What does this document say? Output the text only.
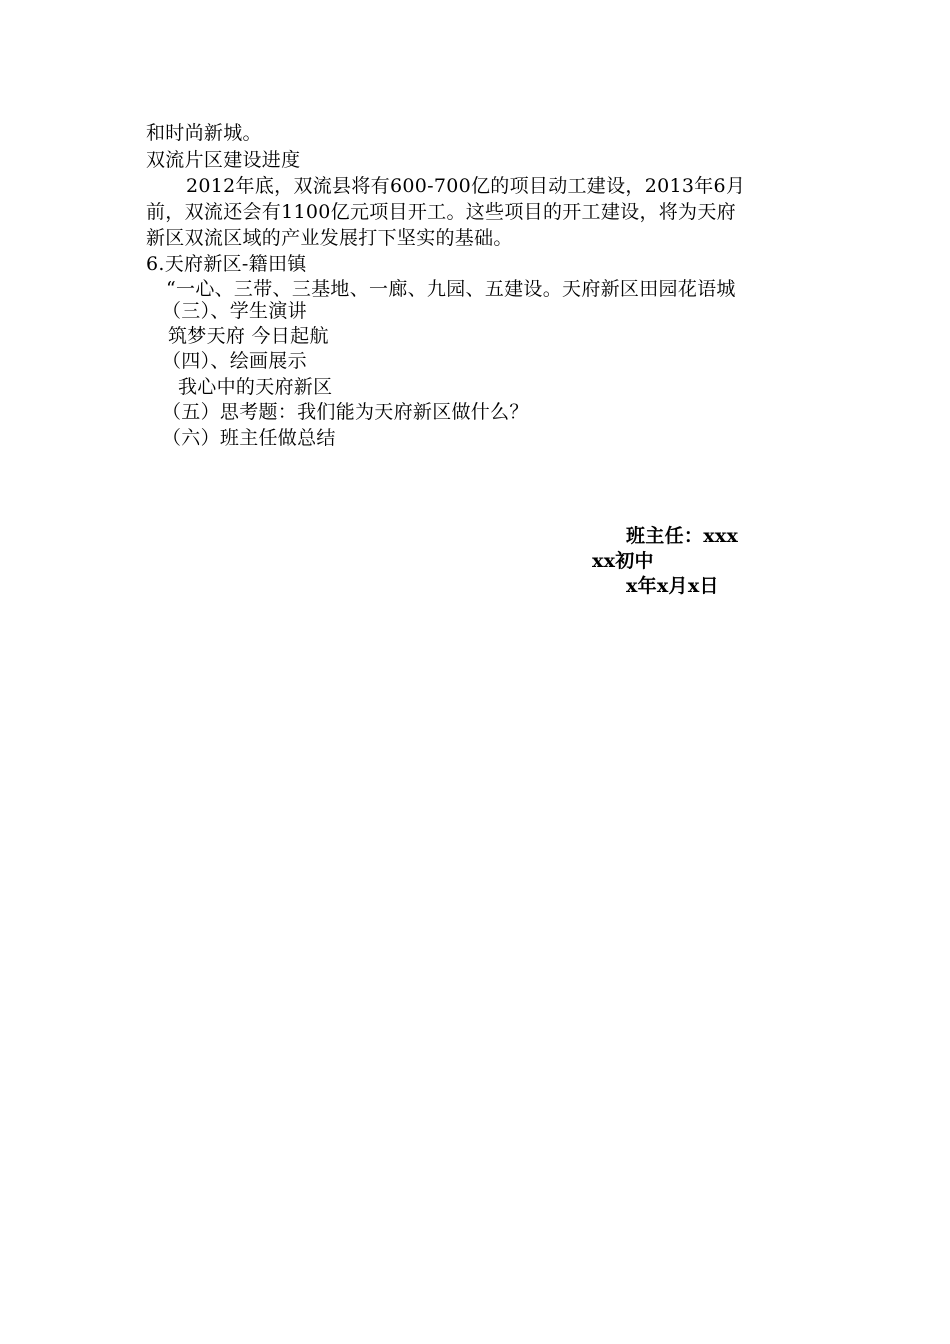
和时尚新城。
双流片区建设进度
2012年底，双流县将有600-700亿的项目动工建设，2013年6月
前，双流还会有1100亿元项目开工。这些项目的开工建设，将为天府
新区双流区域的产业发展打下坚实的基础。
6.天府新区-籍田镇
“一心、三带、三基地、一廊、九园、五建设。天府新区田园花语城
（三）、学生演讲
筑梦天府 今日起航
（四）、绘画展示
我心中的天府新区
（五）思考题：我们能为天府新区做什么？
（六）班主任做总结
班主任：xxx
xx初中
x年x月x日
